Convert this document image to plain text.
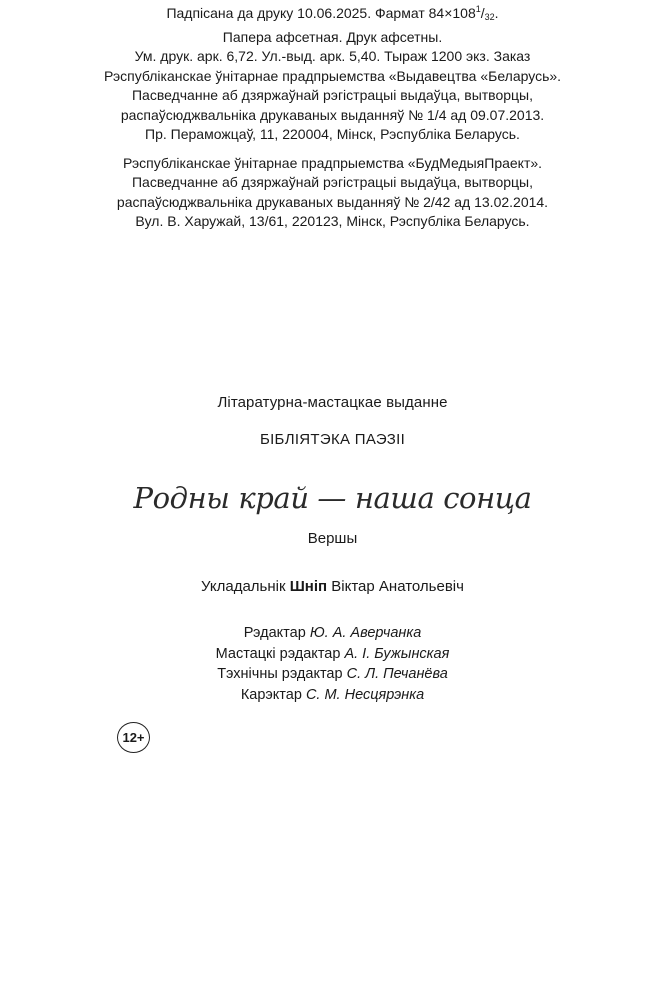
Літаратурна-мастацкае выданне
БІБЛІЯТЭКА ПАЭЗІІ
Родны край — наша сонца
Вершы
Укладальнік Шніп Віктар Анатольевіч
Рэдактар Ю. А. Аверчанка
Мастацкі рэдактар А. І. Бужынская
Тэхнічны рэдактар С. Л. Печанёва
Карэктар С. М. Несцярэнка
12+
Падпісана да друку 10.06.2025. Фармат $84\times 108^1/_{32}$.
Папера афсетная. Друк афсетны.
Ум. друк. арк. 6,72. Ул.-выд. арк. 5,40. Тыраж 1200 экз. Заказ
Рэспубліканскае ўнітарнае прадпрыемства «Выдавецтва «Беларусь».
Пасведчанне аб дзяржаўнай рэгістрацыі выдаўца, вытворцы,
распаўсюджвальніка друкаваных выданняў № 1/4 ад 09.07.2013.
Пр. Пераможцаў, 11, 220004, Мінск, Рэспубліка Беларусь.
Рэспубліканскае ўнітарнае прадпрыемства «БудМедыяПраект».
Пасведчанне аб дзяржаўнай рэгістрацыі выдаўца, вытворцы,
распаўсюджвальніка друкаваных выданняў № 2/42 ад 13.02.2014.
Вул. В. Харужай, 13/61, 220123, Мінск, Рэспубліка Беларусь.
